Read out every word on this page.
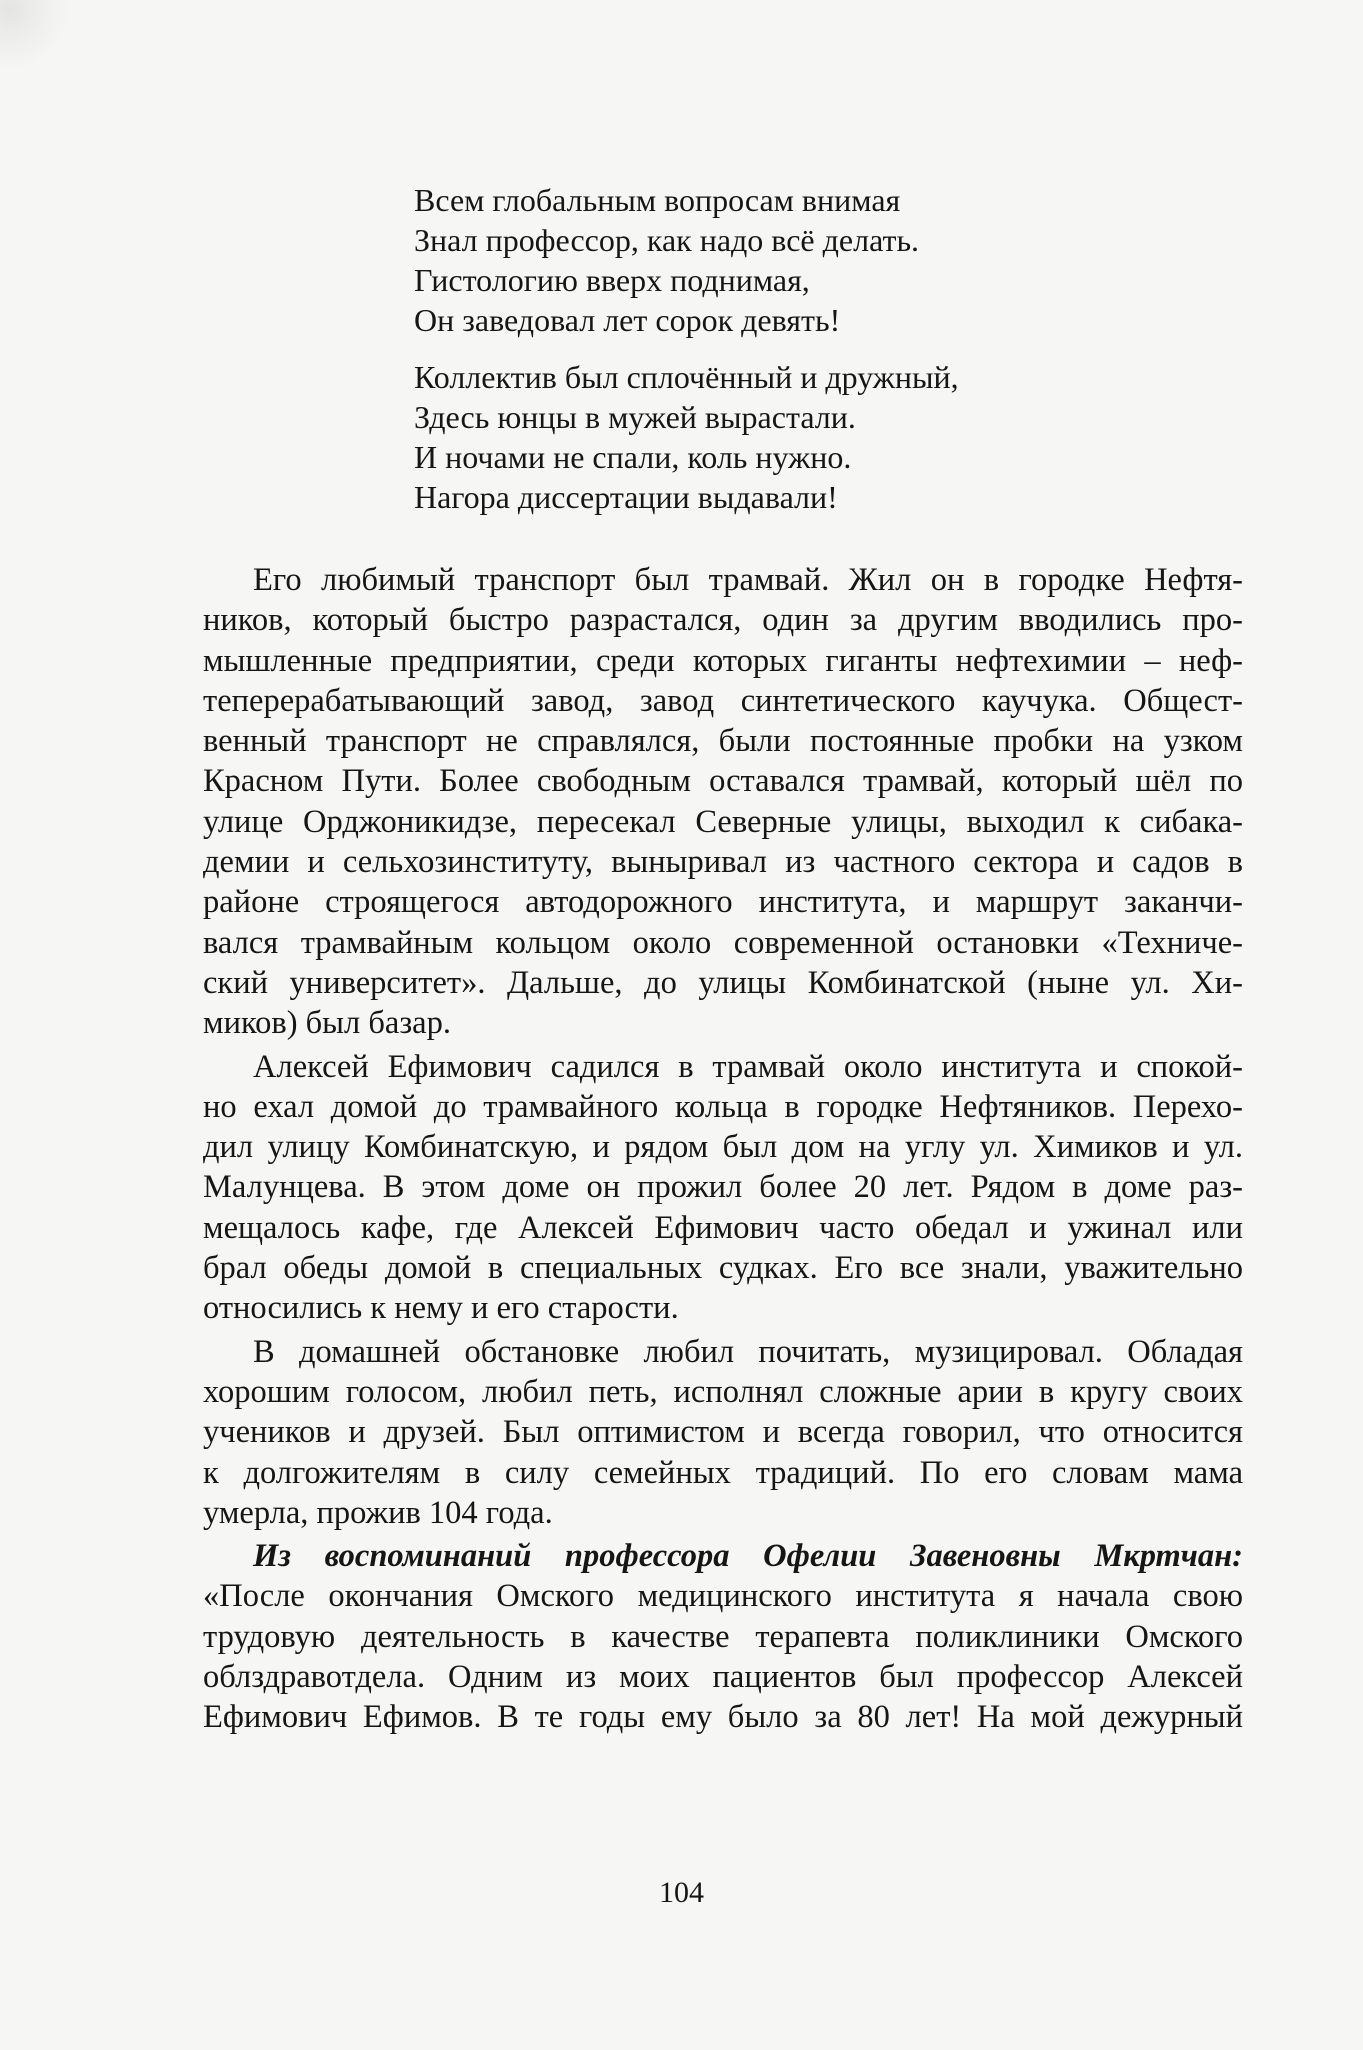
Всем глобальным вопросам внимая
Знал профессор, как надо всё делать.
Гистологию вверх поднимая,
Он заведовал лет сорок девять!
Коллектив был сплочённый и дружный,
Здесь юнцы в мужей вырастали.
И ночами не спали, коль нужно.
Нагора диссертации выдавали!
Его любимый транспорт был трамвай. Жил он в городке Нефтя-
ников, который быстро разрастался, один за другим вводились про-
мышленные предприятии, среди которых гиганты нефтехимии – неф-
теперерабатывающий завод, завод синтетического каучука. Общест-
венный транспорт не справлялся, были постоянные пробки на узком
Красном Пути. Более свободным оставался трамвай, который шёл по
улице Орджоникидзе, пересекал Северные улицы, выходил к сибака-
демии и сельхозинституту, выныривал из частного сектора и садов в
районе строящегося автодорожного института, и маршрут заканчи-
вался трамвайным кольцом около современной остановки «Техниче-
ский университет». Дальше, до улицы Комбинатской (ныне ул. Хи-
миков) был базар.
Алексей Ефимович садился в трамвай около института и спокой-
но ехал домой до трамвайного кольца в городке Нефтяников. Перехо-
дил улицу Комбинатскую, и рядом был дом на углу ул. Химиков и ул.
Малунцева. В этом доме он прожил более 20 лет. Рядом в доме раз-
мещалось кафе, где Алексей Ефимович часто обедал и ужинал или
брал обеды домой в специальных судках. Его все знали, уважительно
относились к нему и его старости.
В домашней обстановке любил почитать, музицировал. Обладая
хорошим голосом, любил петь, исполнял сложные арии в кругу своих
учеников и друзей. Был оптимистом и всегда говорил, что относится
к долгожителям в силу семейных традиций. По его словам мама
умерла, прожив 104 года.
Из воспоминаний профессора Офелии Завеновны Мкртчан:
«После окончания Омского медицинского института я начала свою
трудовую деятельность в качестве терапевта поликлиники Омского
облздравотдела. Одним из моих пациентов был профессор Алексей
Ефимович Ефимов. В те годы ему было за 80 лет! На мой дежурный
104
